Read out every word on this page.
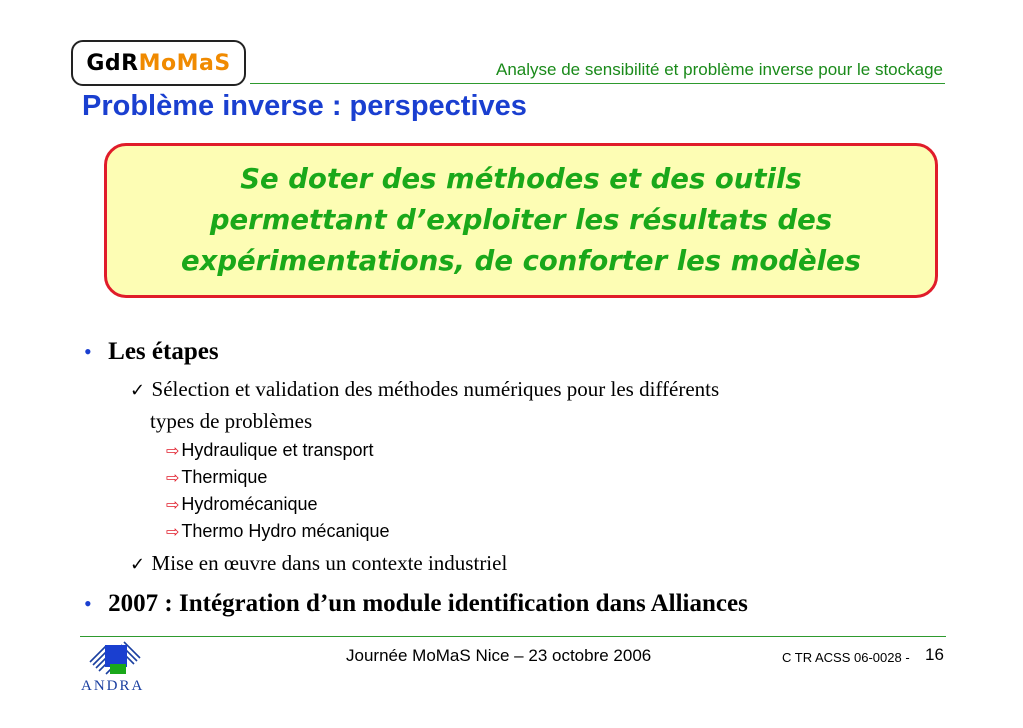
GdR MoMaS	Analyse de sensibilité et problème inverse pour le stockage
Problème inverse : perspectives
Se doter des méthodes et des outils
permettant d’exploiter les résultats des
expérimentations, de conforter les modèles
• Les étapes
✓ Sélection et validation des méthodes numériques pour les différents
types de problèmes
⇨ Hydraulique et transport
⇨ Thermique
⇨ Hydromécanique
⇨ Thermo Hydro mécanique
✓ Mise en œuvre dans un contexte industriel
• 2007 : Intégration d’un module identification dans Alliances
ANDRA
Journée MoMaS Nice – 23 octobre 2006	C TR ACSS 06-0028 - 16
